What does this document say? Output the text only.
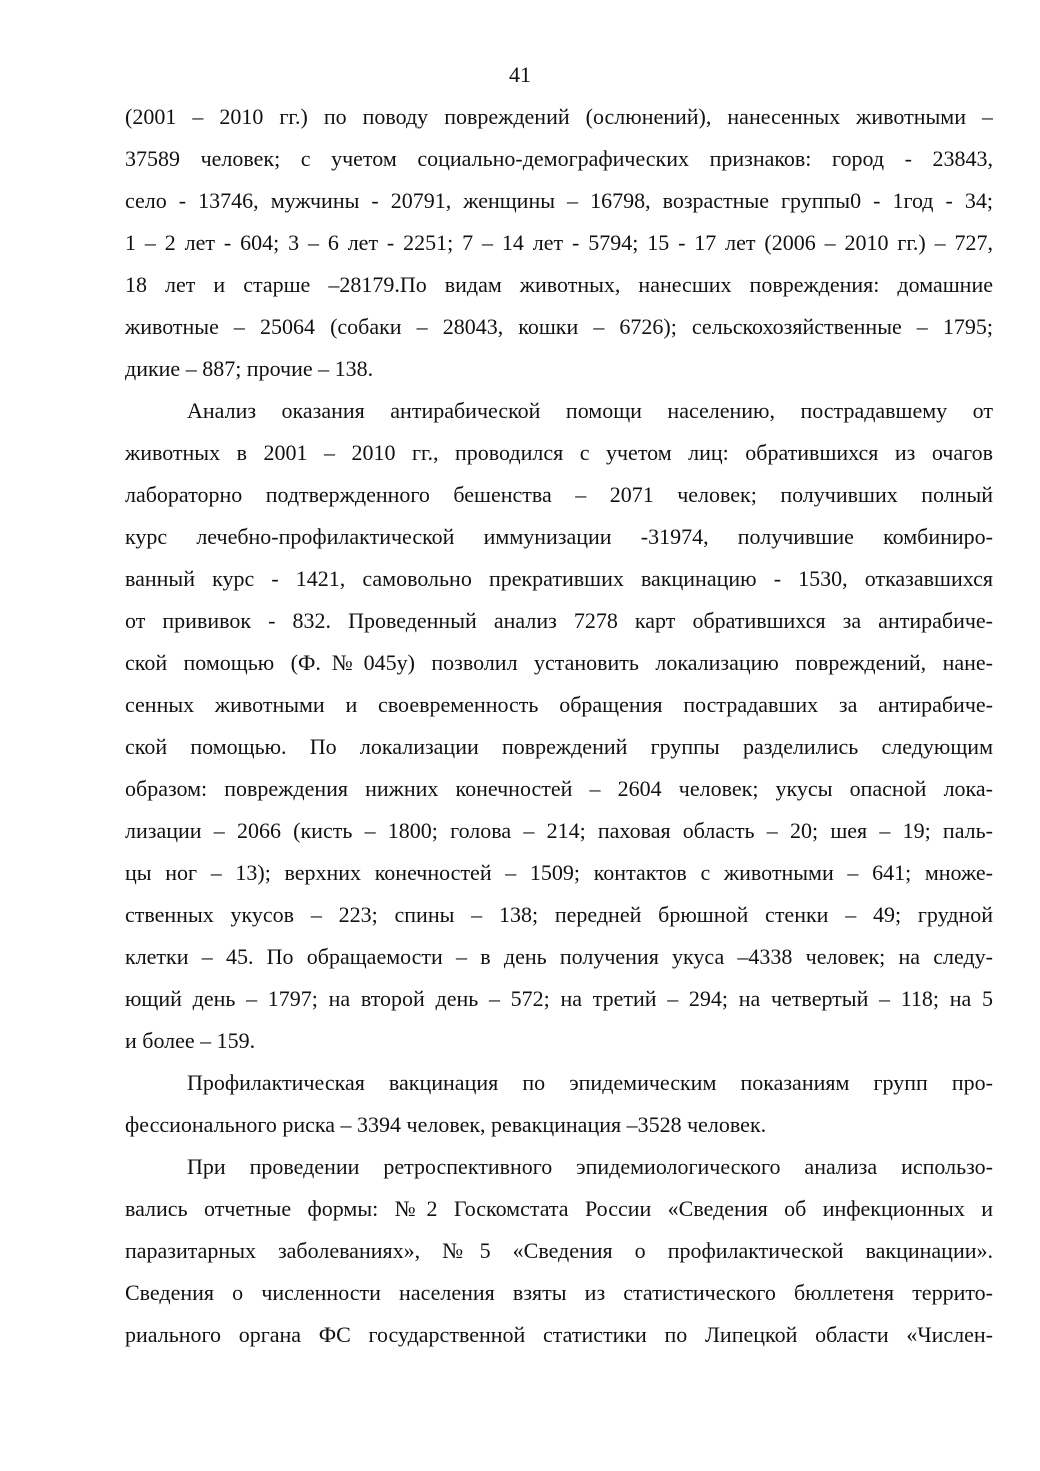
41
(2001 – 2010 гг.) по поводу повреждений (ослюнений), нанесенных животными –
37589 человек; с учетом социально-демографических признаков: город - 23843,
село - 13746, мужчины - 20791, женщины – 16798, возрастные группы0 - 1год - 34;
1 – 2 лет - 604; 3 – 6 лет - 2251; 7 – 14 лет - 5794; 15 - 17 лет (2006 – 2010 гг.) – 727,
18 лет и старше –28179.По видам животных, нанесших повреждения: домашние
животные – 25064 (собаки – 28043, кошки – 6726); сельскохозяйственные – 1795;
дикие – 887; прочие – 138.
Анализ оказания антирабической помощи населению, пострадавшему от
животных в 2001 – 2010 гг., проводился с учетом лиц: обратившихся из очагов
лабораторно подтвержденного бешенства – 2071 человек; получивших полный
курс лечебно-профилактической иммунизации -31974, получившие комбиниро-
ванный курс - 1421, самовольно прекративших вакцинацию - 1530, отказавшихся
от прививок - 832. Проведенный анализ 7278 карт обратившихся за антирабиче-
ской помощью (Ф.№045у) позволил установить локализацию повреждений, нане-
сенных животными и своевременность обращения пострадавших за антирабиче-
ской помощью. По локализации повреждений группы разделились следующим
образом: повреждения нижних конечностей – 2604 человек; укусы опасной лока-
лизации – 2066 (кисть – 1800; голова – 214; паховая область – 20; шея – 19; паль-
цы ног – 13); верхних конечностей – 1509; контактов с животными – 641; множе-
ственных укусов – 223; спины – 138; передней брюшной стенки – 49; грудной
клетки – 45. По обращаемости – в день получения укуса –4338 человек; на следу-
ющий день – 1797; на второй день – 572; на третий – 294; на четвертый – 118; на 5
и более – 159.
Профилактическая вакцинация по эпидемическим показаниям групп про-
фессионального риска – 3394 человек, ревакцинация –3528 человек.
При проведении ретроспективного эпидемиологического анализа использо-
вались отчетные формы: №2 Госкомстата России «Сведения об инфекционных и
паразитарных заболеваниях», №5 «Сведения о профилактической вакцинации».
Сведения о численности населения взяты из статистического бюллетеня террито-
риального органа ФС государственной статистики по Липецкой области «Числен-
